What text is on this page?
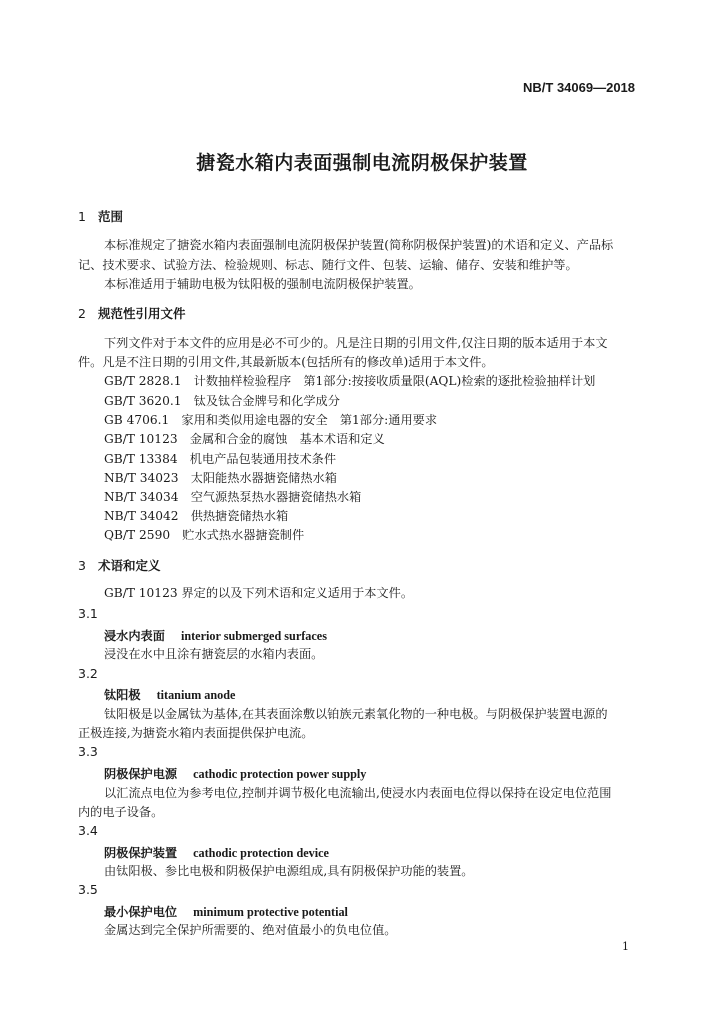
NB/T 34069—2018
搪瓷水箱内表面强制电流阴极保护装置
1 范围
本标准规定了搪瓷水箱内表面强制电流阴极保护装置(简称阴极保护装置)的术语和定义、产品标
记、技术要求、试验方法、检验规则、标志、随行文件、包装、运输、储存、安装和维护等。
本标准适用于辅助电极为钛阳极的强制电流阴极保护装置。
2 规范性引用文件
下列文件对于本文件的应用是必不可少的。凡是注日期的引用文件,仅注日期的版本适用于本文
件。凡是不注日期的引用文件,其最新版本(包括所有的修改单)适用于本文件。
GB/T 2828.1　 计数抽样检验程序　第1部分:按接收质量限(AQL)检索的逐批检验抽样计划
GB/T 3620.1　 钛及钛合金牌号和化学成分
GB 4706.1　 家用和类似用途电器的安全　第1部分:通用要求
GB/T 10123　 金属和合金的腐蚀　基本术语和定义
GB/T 13384　 机电产品包装通用技术条件
NB/T 34023　 太阳能热水器搪瓷储热水箱
NB/T 34034　 空气源热泵热水器搪瓷储热水箱
NB/T 34042　 供热搪瓷储热水箱
QB/T 2590　 贮水式热水器搪瓷制件
3 术语和定义
GB/T 10123 界定的以及下列术语和定义适用于本文件。
3.1
浸水内表面 interior submerged surfaces
浸没在水中且涂有搪瓷层的水箱内表面。
3.2
钛阳极 titanium anode
钛阳极是以金属钛为基体,在其表面涂敷以铂族元素氧化物的一种电极。与阴极保护装置电源的
正极连接,为搪瓷水箱内表面提供保护电流。
3.3
阴极保护电源 cathodic protection power supply
以汇流点电位为参考电位,控制并调节极化电流输出,使浸水内表面电位得以保持在设定电位范围
内的电子设备。
3.4
阴极保护装置 cathodic protection device
由钛阳极、参比电极和阴极保护电源组成,具有阴极保护功能的装置。
3.5
最小保护电位 minimum protective potential
金属达到完全保护所需要的、绝对值最小的负电位值。
1
